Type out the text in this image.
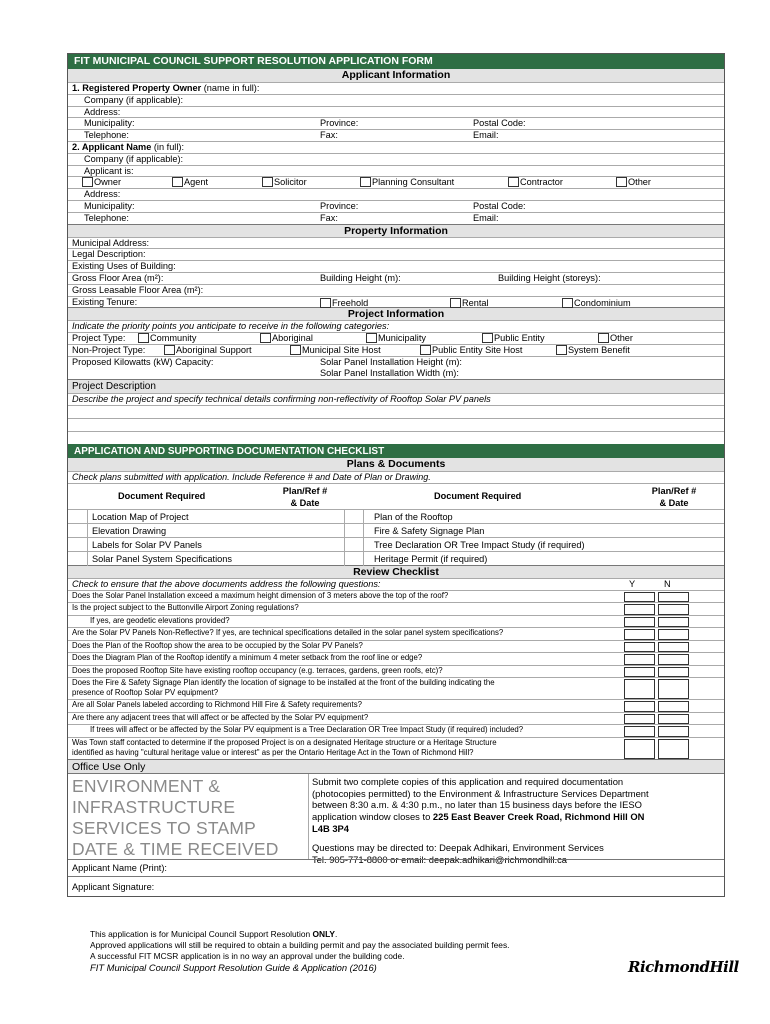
FIT MUNICIPAL COUNCIL SUPPORT RESOLUTION APPLICATION FORM
Applicant Information
1. Registered Property Owner (name in full):
Company (if applicable):
Address:
Municipality:	Province:	Postal Code:
Telephone:	Fax:	Email:
2. Applicant Name (in full):
Company (if applicable):
Applicant is:
Owner	Agent	Solicitor	Planning Consultant	Contractor	Other
Address:
Municipality:	Province:	Postal Code:
Telephone:	Fax:	Email:
Property Information
Municipal Address:
Legal Description:
Existing Uses of Building:
Gross Floor Area (m²):	Building Height (m):	Building Height (storeys):
Gross Leasable Floor Area (m²):
Existing Tenure:	Freehold	Rental	Condominium
Project Information
Indicate the priority points you anticipate to receive in the following categories:
Project Type:	Community	Aboriginal	Municipality	Public Entity	Other
Non-Project Type:	Aboriginal Support	Municipal Site Host	Public Entity Site Host	System Benefit
Proposed Kilowatts (kW) Capacity:	Solar Panel Installation Height (m):
Solar Panel Installation Width (m):
Project Description
Describe the project and specify technical details confirming non-reflectivity of Rooftop Solar PV panels
APPLICATION AND SUPPORTING DOCUMENTATION CHECKLIST
Plans & Documents
Check plans submitted with application. Include Reference # and Date of Plan or Drawing.
Document Required	Plan/Ref #
& Date
Document Required	Plan/Ref #
& Date
Location Map of Project	Plan of the Rooftop
Elevation Drawing	Fire & Safety Signage Plan
Labels for Solar PV Panels	Tree Declaration OR Tree Impact Study (if required)
Solar Panel System Specifications	Heritage Permit (if required)
Review Checklist
Check to ensure that the above documents address the following questions:	Y	N
Does the Solar Panel Installation exceed a maximum height dimension of 3 meters above the top of the roof?
Is the project subject to the Buttonville Airport Zoning regulations?
If yes, are geodetic elevations provided?
Are the Solar PV Panels Non-Reflective? If yes, are technical specifications detailed in the solar panel system specifications?
Does the Plan of the Rooftop show the area to be occupied by the Solar PV Panels?
Does the Diagram Plan of the Rooftop identify a minimum 4 meter setback from the roof line or edge?
Does the proposed Rooftop Site have existing rooftop occupancy (e.g. terraces, gardens, green roofs, etc)?
Does the Fire & Safety Signage Plan identify the location of signage to be installed at the front of the building indicating the
presence of Rooftop Solar PV equipment?
Are all Solar Panels labeled according to Richmond Hill Fire & Safety requirements?
Are there any adjacent trees that will affect or be affected by the Solar PV equipment?
If trees will affect or be affected by the Solar PV equipment is a Tree Declaration OR Tree Impact Study (if required) included?
Was Town staff contacted to determine if the proposed Project is on a designated Heritage structure or a Heritage Structure
identified as having "cultural heritage value or interest" as per the Ontario Heritage Act in the Town of Richmond Hill?
Office Use Only
ENVIRONMENT &
INFRASTRUCTURE
SERVICES TO STAMP
DATE & TIME RECEIVED
Submit two complete copies of this application and required documentation
(photocopies permitted) to the Environment & Infrastructure Services Department
between 8:30 a.m. & 4:30 p.m., no later than 15 business days before the IESO
application window closes to 225 East Beaver Creek Road, Richmond Hill ON
L4B 3P4
Questions may be directed to: Deepak Adhikari, Environment Services
Tel. 905-771-8800 or email: deepak.adhikari@richmondhill.ca
Applicant Name (Print):
Applicant Signature:
This application is for Municipal Council Support Resolution ONLY.
Approved applications will still be required to obtain a building permit and pay the associated building permit fees.
A successful FIT MCSR application is in no way an approval under the building code.
FIT Municipal Council Support Resolution Guide & Application (2016)	RichmondHill
